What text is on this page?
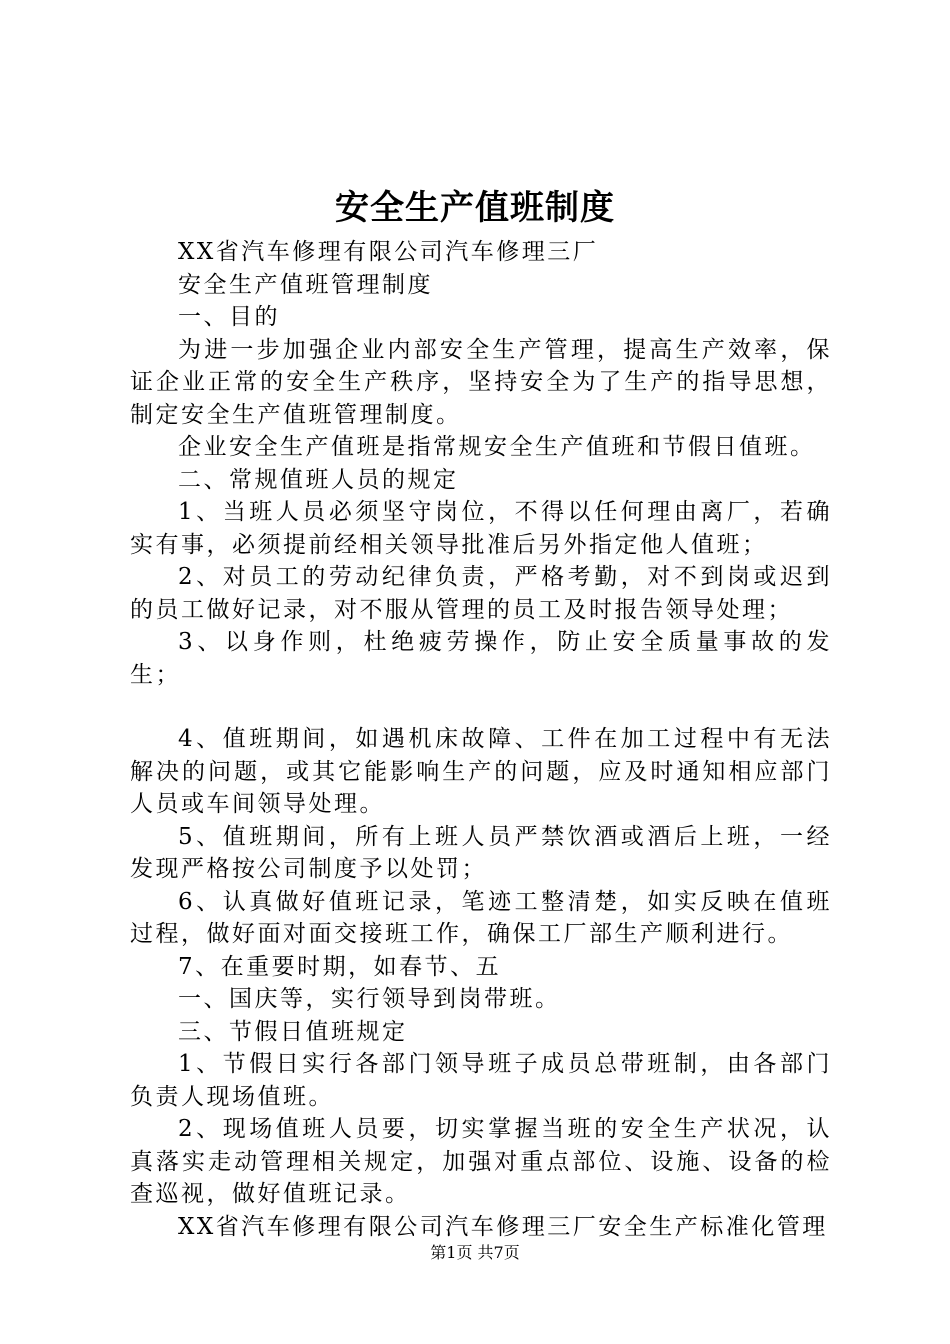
安全生产值班制度

XX省汽车修理有限公司汽车修理三厂

安全生产值班管理制度

一、目的

为进一步加强企业内部安全生产管理，提高生产效率，保证企业正常的安全生产秩序，坚持安全为了生产的指导思想，制定安全生产值班管理制度。

企业安全生产值班是指常规安全生产值班和节假日值班。

二、常规值班人员的规定

1、当班人员必须坚守岗位，不得以任何理由离厂，若确实有事，必须提前经相关领导批准后另外指定他人值班；

2、对员工的劳动纪律负责，严格考勤，对不到岗或迟到的员工做好记录，对不服从管理的员工及时报告领导处理；

3、以身作则，杜绝疲劳操作，防止安全质量事故的发生；

4、值班期间，如遇机床故障、工件在加工过程中有无法解决的问题，或其它能影响生产的问题，应及时通知相应部门人员或车间领导处理。

5、值班期间，所有上班人员严禁饮酒或酒后上班，一经发现严格按公司制度予以处罚；

6、认真做好值班记录，笔迹工整清楚，如实反映在值班过程，做好面对面交接班工作，确保工厂部生产顺利进行。

7、在重要时期，如春节、五

一、国庆等，实行领导到岗带班。

三、节假日值班规定

1、节假日实行各部门领导班子成员总带班制，由各部门负责人现场值班。

2、现场值班人员要，切实掌握当班的安全生产状况，认真落实走动管理相关规定，加强对重点部位、设施、设备的检查巡视，做好值班记录。

XX省汽车修理有限公司汽车修理三厂安全生产标准化管理

第1页 共7页
